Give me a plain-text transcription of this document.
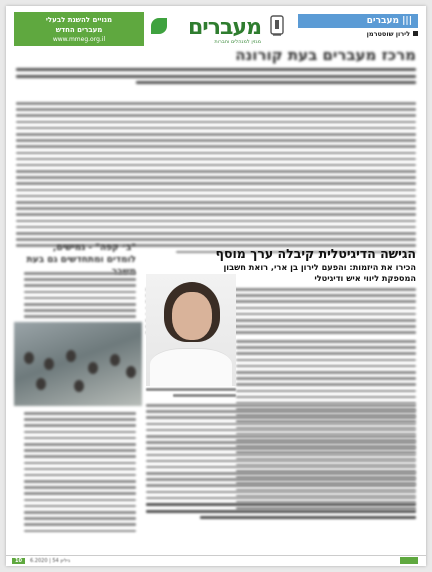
מנויים להשגת לבעלי
מעברים החדש
www.mmeg.org.il	מעברים
מגזין למנהלים וחברות
מעברים |||
לירון שוסטרמן
מרכז מעברים בעת קורונה
הגישה הדיגיטלית קיבלה ערך מוסף
הכירו את היזמות: והפעם לירון בן ארי, רואת חשבון המספקת ליווי איש ודיגיטלי
"ב׳ קפה" - גמישים, לומדים ומתחדשים גם בעת
10	6.2020 | גיליון 54
